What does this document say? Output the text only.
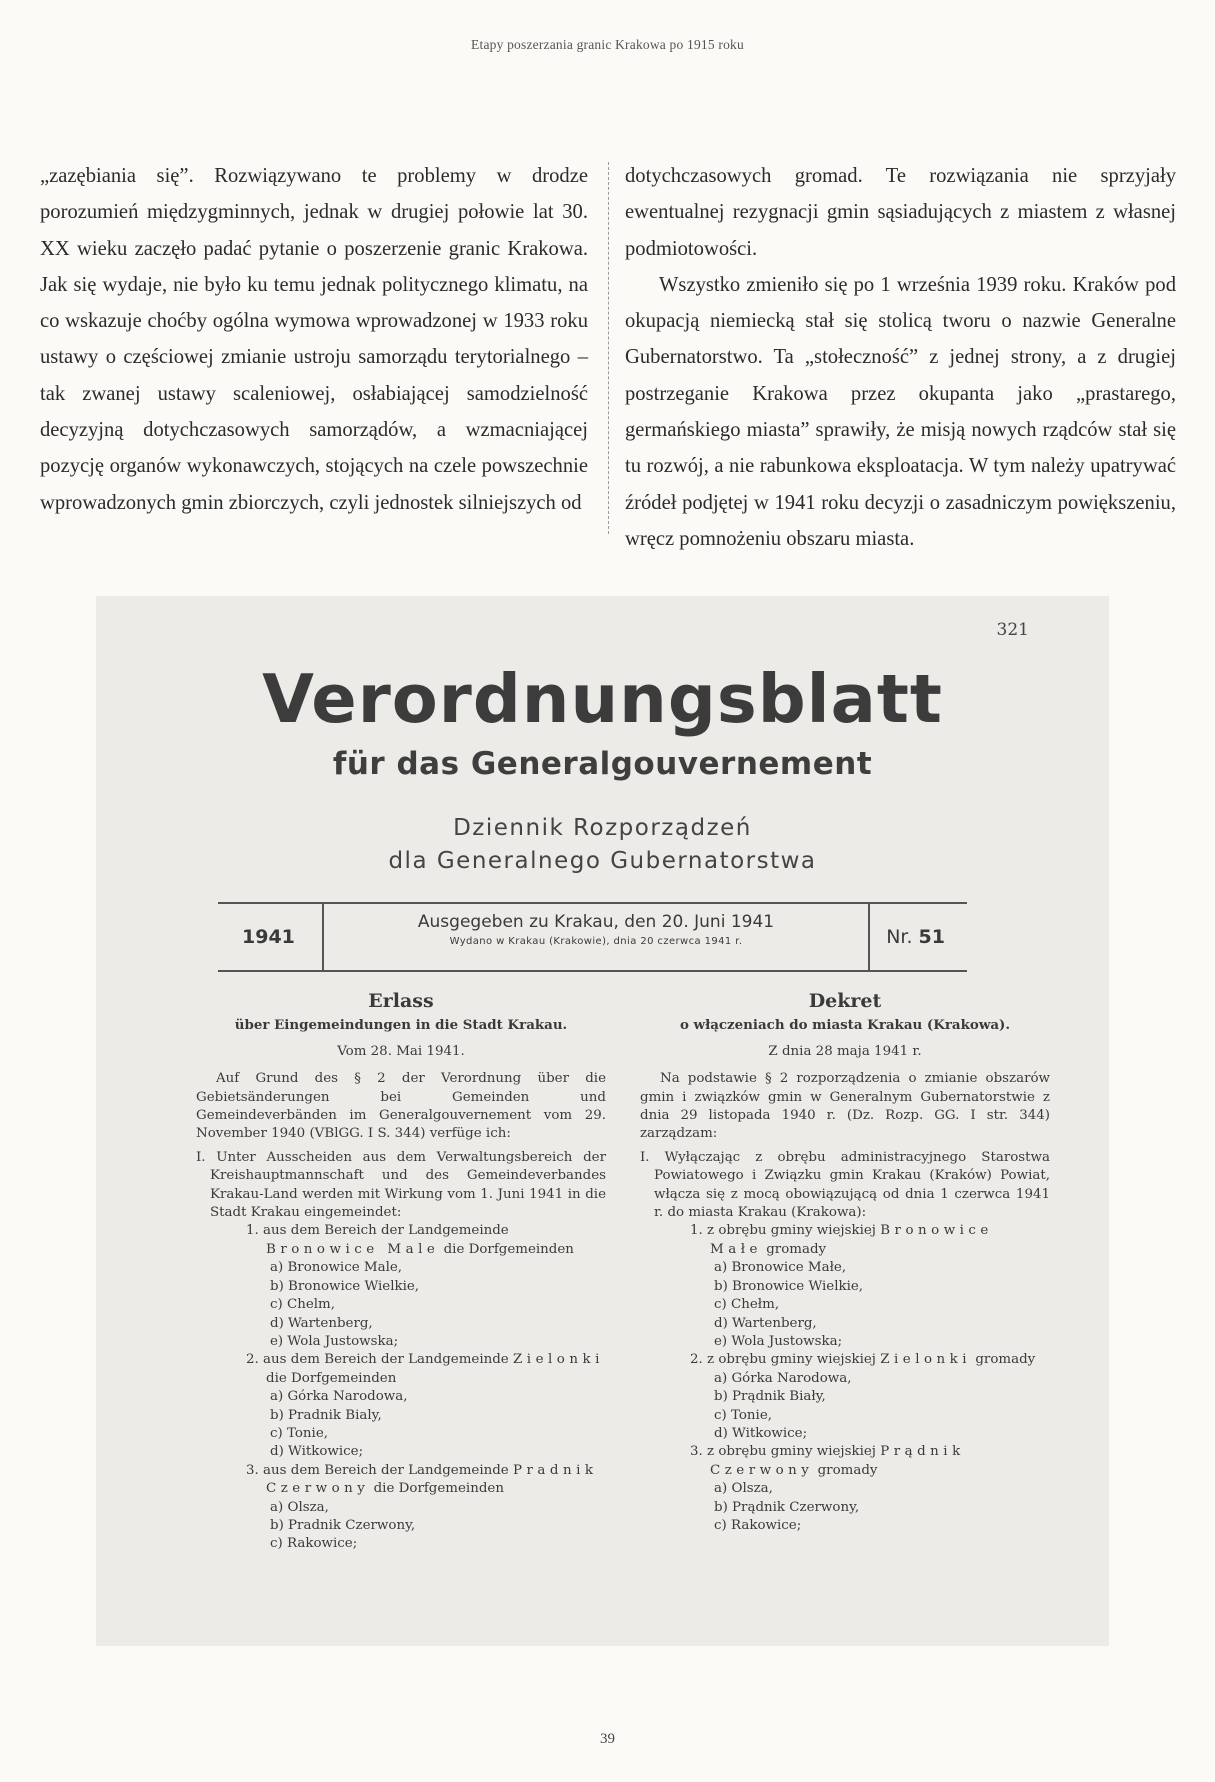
Etapy poszerzania granic Krakowa po 1915 roku

„zazębiania się”. Rozwiązywano te problemy w drodze porozumień międzygminnych, jednak w drugiej połowie lat 30. XX wieku zaczęło padać pytanie o poszerzenie granic Krakowa. Jak się wydaje, nie było ku temu jednak politycznego klimatu, na co wskazuje choćby ogólna wymowa wprowadzonej w 1933 roku ustawy o częściowej zmianie ustroju samorządu terytorialnego – tak zwanej ustawy scaleniowej, osłabiającej samodzielność decyzyjną dotychczasowych samorządów, a wzmacniającej pozycję organów wykonawczych, stojących na czele powszechnie wprowadzonych gmin zbiorczych, czyli jednostek silniejszych od

dotychczasowych gromad. Te rozwiązania nie sprzyjały ewentualnej rezygnacji gmin sąsiadujących z miastem z własnej podmiotowości.

Wszystko zmieniło się po 1 września 1939 roku. Kraków pod okupacją niemiecką stał się stolicą tworu o nazwie Generalne Gubernatorstwo. Ta „stołeczność” z jednej strony, a z drugiej postrzeganie Krakowa przez okupanta jako „prastarego, germańskiego miasta” sprawiły, że misją nowych rządców stał się tu rozwój, a nie rabunkowa eksploatacja. W tym należy upatrywać źródeł podjętej w 1941 roku decyzji o zasadniczym powiększeniu, wręcz pomnożeniu obszaru miasta.

321
Verordnungsblatt
für das Generalgouvernement
Dziennik Rozporządzeń
dla Generalnego Gubernatorstwa
1941
Ausgegeben zu Krakau, den 20. Juni 1941
Wydano w Krakau (Krakowie), dnia 20 czerwca 1941 r.	Nr. 51
Erlass
über Eingemeindungen in die Stadt Krakau.
Vom 28. Mai 1941.
Auf Grund des § 2 der Verordnung über die Gebietsänderungen bei Gemeinden und Gemeindeverbänden im Generalgouvernement vom 29. November 1940 (VBlGG. I S. 344) verfüge ich:
I. Unter Ausscheiden aus dem Verwaltungsbereich der Kreishauptmannschaft und des Gemeindeverbandes Krakau-Land werden mit Wirkung vom 1. Juni 1941 in die Stadt Krakau eingemeindet:
1. aus dem Bereich der Landgemeinde Bronowice Male die Dorfgemeinden
a) Bronowice Male,
b) Bronowice Wielkie,
c) Chelm,
d) Wartenberg,
e) Wola Justowska;
2. aus dem Bereich der Landgemeinde Zielonki die Dorfgemeinden
a) Górka Narodowa,
b) Pradnik Bialy,
c) Tonie,
d) Witkowice;
3. aus dem Bereich der Landgemeinde Pradnik Czerwony die Dorfgemeinden
a) Olsza,
b) Pradnik Czerwony,
c) Rakowice;
Dekret
o włączeniach do miasta Krakau (Krakowa).
Z dnia 28 maja 1941 r.
Na podstawie § 2 rozporządzenia o zmianie obszarów gmin i związków gmin w Generalnym Gubernatorstwie z dnia 29 listopada 1940 r. (Dz. Rozp. GG. I str. 344) zarządzam:
I. Wyłączając z obrębu administracyjnego Starostwa Powiatowego i Związku gmin Krakau (Kraków) Powiat, włącza się z mocą obowiązującą od dnia 1 czerwca 1941 r. do miasta Krakau (Krakowa):
1. z obrębu gminy wiejskiej Bronowice Małe gromady
a) Bronowice Małe,
b) Bronowice Wielkie,
c) Chełm,
d) Wartenberg,
e) Wola Justowska;
2. z obrębu gminy wiejskiej Zielonki gromady
a) Górka Narodowa,
b) Prądnik Biały,
c) Tonie,
d) Witkowice;
3. z obrębu gminy wiejskiej Prądnik Czerwony gromady
a) Olsza,
b) Prądnik Czerwony,
c) Rakowice;
39
